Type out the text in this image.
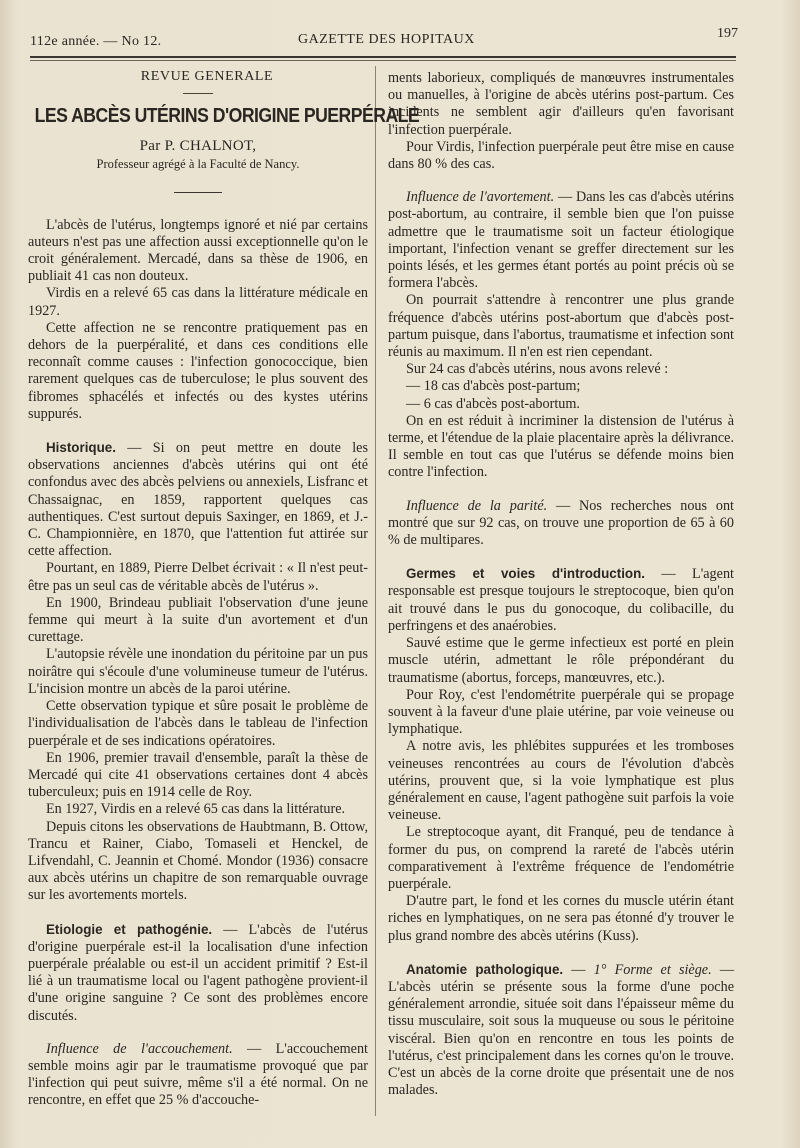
112e année. — No 12.	GAZETTE DES HOPITAUX	197

REVUE GENERALE

LES ABCÈS UTÉRINS D'ORIGINE PUERPÉRALE
Par P. CHALNOT,
Professeur agrégé à la Faculté de Nancy.

L'abcès de l'utérus, longtemps ignoré et nié par certains auteurs n'est pas une affection aussi exceptionnelle qu'on le croit généralement. Mercadé, dans sa thèse de 1906, en publiait 41 cas non douteux.

Virdis en a relevé 65 cas dans la littérature médicale en 1927.

Cette affection ne se rencontre pratiquement pas en dehors de la puerpéralité, et dans ces conditions elle reconnaît comme causes : l'infection gonococcique, bien rarement quelques cas de tuberculose; le plus souvent des fibromes sphacélés et infectés ou des kystes utérins suppurés.

Historique. — Si on peut mettre en doute les observations anciennes d'abcès utérins qui ont été confondus avec des abcès pelviens ou annexiels, Lisfranc et Chassaignac, en 1859, rapportent quelques cas authentiques. C'est surtout depuis Saxinger, en 1869, et J.-C. Championnière, en 1870, que l'attention fut attirée sur cette affection.

Pourtant, en 1889, Pierre Delbet écrivait : « Il n'est peut-être pas un seul cas de véritable abcès de l'utérus ».

En 1900, Brindeau publiait l'observation d'une jeune femme qui meurt à la suite d'un avortement et d'un curettage.

L'autopsie révèle une inondation du péritoine par un pus noirâtre qui s'écoule d'une volumineuse tumeur de l'utérus. L'incision montre un abcès de la paroi utérine.

Cette observation typique et sûre posait le problème de l'individualisation de l'abcès dans le tableau de l'infection puerpérale et de ses indications opératoires.

En 1906, premier travail d'ensemble, paraît la thèse de Mercadé qui cite 41 observations certaines dont 4 abcès tuberculeux; puis en 1914 celle de Roy.

En 1927, Virdis en a relevé 65 cas dans la littérature.

Depuis citons les observations de Haubtmann, B. Ottow, Trancu et Rainer, Ciabo, Tomaseli et Henckel, de Lifvendahl, C. Jeannin et Chomé. Mondor (1936) consacre aux abcès utérins un chapitre de son remarquable ouvrage sur les avortements mortels.

Etiologie et pathogénie. — L'abcès de l'utérus d'origine puerpérale est-il la localisation d'une infection puerpérale préalable ou est-il un accident primitif ? Est-il lié à un traumatisme local ou l'agent pathogène provient-il d'une origine sanguine ? Ce sont des problèmes encore discutés.

Influence de l'accouchement. — L'accouchement semble moins agir par le traumatisme provoqué que par l'infection qui peut suivre, même s'il a été normal. On ne rencontre, en effet que 25 % d'accouche-

ments laborieux, compliqués de manœuvres instrumentales ou manuelles, à l'origine de abcès utérins post-partum. Ces incidents ne semblent agir d'ailleurs qu'en favorisant l'infection puerpérale.

Pour Virdis, l'infection puerpérale peut être mise en cause dans 80 % des cas.

Influence de l'avortement. — Dans les cas d'abcès utérins post-abortum, au contraire, il semble bien que l'on puisse admettre que le traumatisme soit un facteur étiologique important, l'infection venant se greffer directement sur les points lésés, et les germes étant portés au point précis où se formera l'abcès.

On pourrait s'attendre à rencontrer une plus grande fréquence d'abcès utérins post-abortum que d'abcès post-partum puisque, dans l'abortus, traumatisme et infection sont réunis au maximum. Il n'en est rien cependant.

Sur 24 cas d'abcès utérins, nous avons relevé :

— 18 cas d'abcès post-partum;

— 6 cas d'abcès post-abortum.

On en est réduit à incriminer la distension de l'utérus à terme, et l'étendue de la plaie placentaire après la délivrance. Il semble en tout cas que l'utérus se défende moins bien contre l'infection.

Influence de la parité. — Nos recherches nous ont montré que sur 92 cas, on trouve une proportion de 65 à 60 % de multipares.

Germes et voies d'introduction. — L'agent responsable est presque toujours le streptocoque, bien qu'on ait trouvé dans le pus du gonocoque, du colibacille, du perfringens et des anaérobies.

Sauvé estime que le germe infectieux est porté en plein muscle utérin, admettant le rôle prépondérant du traumatisme (abortus, forceps, manœuvres, etc.).

Pour Roy, c'est l'endométrite puerpérale qui se propage souvent à la faveur d'une plaie utérine, par voie veineuse ou lymphatique.

A notre avis, les phlébites suppurées et les tromboses veineuses rencontrées au cours de l'évolution d'abcès utérins, prouvent que, si la voie lymphatique est plus généralement en cause, l'agent pathogène suit parfois la voie veineuse.

Le streptocoque ayant, dit Franqué, peu de tendance à former du pus, on comprend la rareté de l'abcès utérin comparativement à l'extrême fréquence de l'endométrie puerpérale.

D'autre part, le fond et les cornes du muscle utérin étant riches en lymphatiques, on ne sera pas étonné d'y trouver le plus grand nombre des abcès utérins (Kuss).

Anatomie pathologique. — 1° Forme et siège. — L'abcès utérin se présente sous la forme d'une poche généralement arrondie, située soit dans l'épaisseur même du tissu musculaire, soit sous la muqueuse ou sous le péritoine viscéral. Bien qu'on en rencontre en tous les points de l'utérus, c'est principalement dans les cornes qu'on le trouve. C'est un abcès de la corne droite que présentait une de nos malades.
